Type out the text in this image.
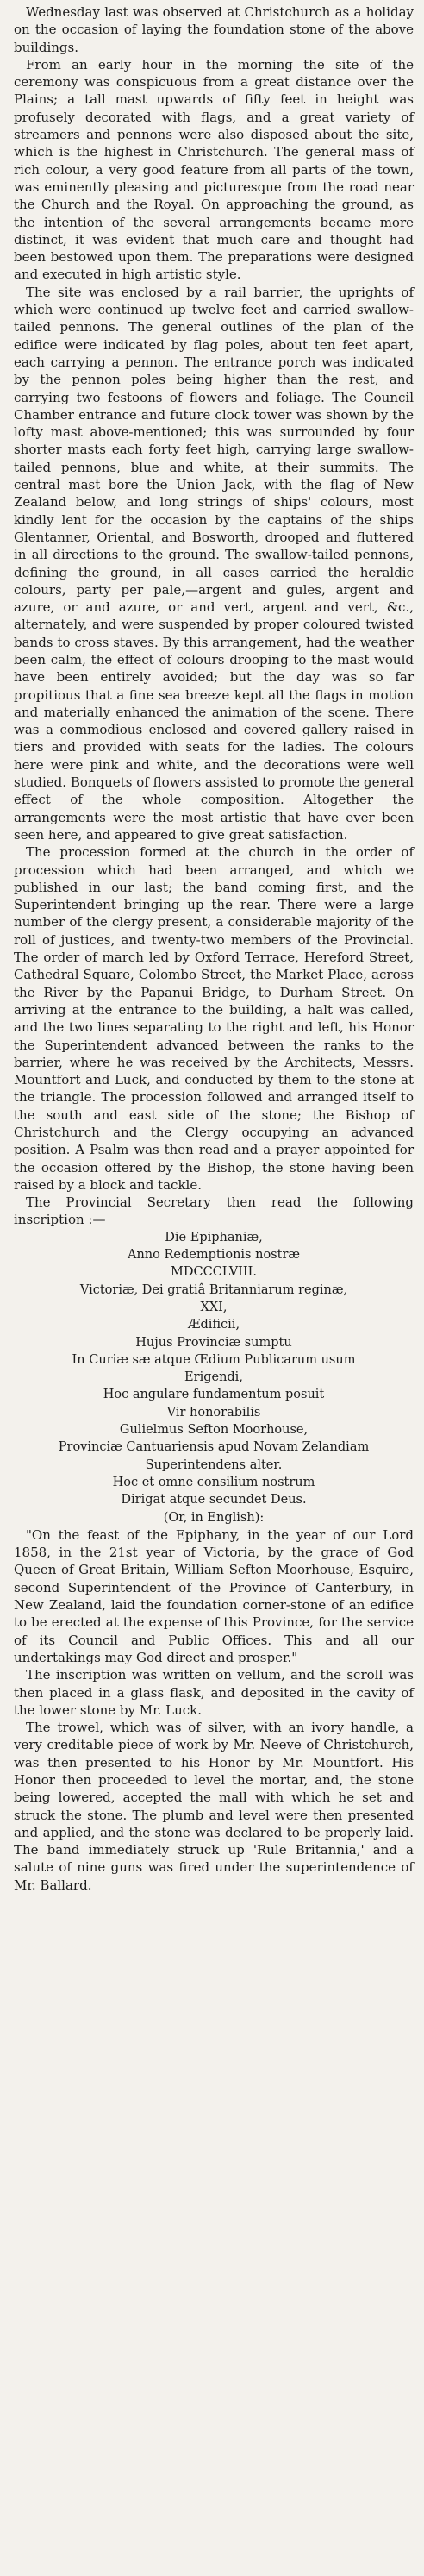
Wednesday last was observed at Christchurch as a holiday on the occasion of laying the foundation stone of the above buildings.

From an early hour in the morning the site of the ceremony was conspicuous from a great distance over the Plains; a tall mast upwards of fifty feet in height was profusely decorated with flags, and a great variety of streamers and pennons were also disposed about the site, which is the highest in Christchurch. The general mass of rich colour, a very good feature from all parts of the town, was eminently pleasing and picturesque from the road near the Church and the Royal. On approaching the ground, as the intention of the several arrangements became more distinct, it was evident that much care and thought had been bestowed upon them. The preparations were designed and executed in high artistic style.

The site was enclosed by a rail barrier, the uprights of which were continued up twelve feet and carried swallow-tailed pennons. The general outlines of the plan of the edifice were indicated by flag poles, about ten feet apart, each carrying a pennon. The entrance porch was indicated by the pennon poles being higher than the rest, and carrying two festoons of flowers and foliage. The Council Chamber entrance and future clock tower was shown by the lofty mast above-mentioned; this was surrounded by four shorter masts each forty feet high, carrying large swallow-tailed pennons, blue and white, at their summits. The central mast bore the Union Jack, with the flag of New Zealand below, and long strings of ships' colours, most kindly lent for the occasion by the captains of the ships Glentanner, Oriental, and Bosworth, drooped and fluttered in all directions to the ground. The swallow-tailed pennons, defining the ground, in all cases carried the heraldic colours, party per pale,—argent and gules, argent and azure, or and azure, or and vert, argent and vert, &c., alternately, and were suspended by proper coloured twisted bands to cross staves. By this arrangement, had the weather been calm, the effect of colours drooping to the mast would have been entirely avoided; but the day was so far propitious that a fine sea breeze kept all the flags in motion and materially enhanced the animation of the scene. There was a commodious enclosed and covered gallery raised in tiers and provided with seats for the ladies. The colours here were pink and white, and the decorations were well studied. Bonquets of flowers assisted to promote the general effect of the whole composition. Altogether the arrangements were the most artistic that have ever been seen here, and appeared to give great satisfaction.

The procession formed at the church in the order of procession which had been arranged, and which we published in our last; the band coming first, and the Superintendent bringing up the rear. There were a large number of the clergy present, a considerable majority of the roll of justices, and twenty-two members of the Provincial. The order of march led by Oxford Terrace, Hereford Street, Cathedral Square, Colombo Street, the Market Place, across the River by the Papanui Bridge, to Durham Street. On arriving at the entrance to the building, a halt was called, and the two lines separating to the right and left, his Honor the Superintendent advanced between the ranks to the barrier, where he was received by the Architects, Messrs. Mountfort and Luck, and conducted by them to the stone at the triangle. The procession followed and arranged itself to the south and east side of the stone; the Bishop of Christchurch and the Clergy occupying an advanced position. A Psalm was then read and a prayer appointed for the occasion offered by the Bishop, the stone having been raised by a block and tackle.

The Provincial Secretary then read the following inscription :—

Die Epiphaniæ,
Anno Redemptionis nostræ
MDCCCLVIII.
Victoriæ, Dei gratiâ Britanniarum reginæ,
XXI,
Ædificii,
Hujus Provinciæ sumptu
In Curiæ sæ atque Œdium Publicarum usum
Erigendi,
Hoc angulare fundamentum posuit
Vir honorabilis
Gulielmus Sefton Moorhouse,
Provinciæ Cantuariensis apud Novam Zelandiam
Superintendens alter.
Hoc et omne consilium nostrum
Dirigat atque secundet Deus.
(Or, in English):

"On the feast of the Epiphany, in the year of our Lord 1858, in the 21st year of Victoria, by the grace of God Queen of Great Britain, William Sefton Moorhouse, Esquire, second Superintendent of the Province of Canterbury, in New Zealand, laid the foundation corner-stone of an edifice to be erected at the expense of this Province, for the service of its Council and Public Offices. This and all our undertakings may God direct and prosper."

The inscription was written on vellum, and the scroll was then placed in a glass flask, and deposited in the cavity of the lower stone by Mr. Luck.

The trowel, which was of silver, with an ivory handle, a very creditable piece of work by Mr. Neeve of Christchurch, was then presented to his Honor by Mr. Mountfort. His Honor then proceeded to level the mortar, and, the stone being lowered, accepted the mall with which he set and struck the stone. The plumb and level were then presented and applied, and the stone was declared to be properly laid. The band immediately struck up 'Rule Britannia,' and a salute of nine guns was fired under the superintendence of Mr. Ballard.
